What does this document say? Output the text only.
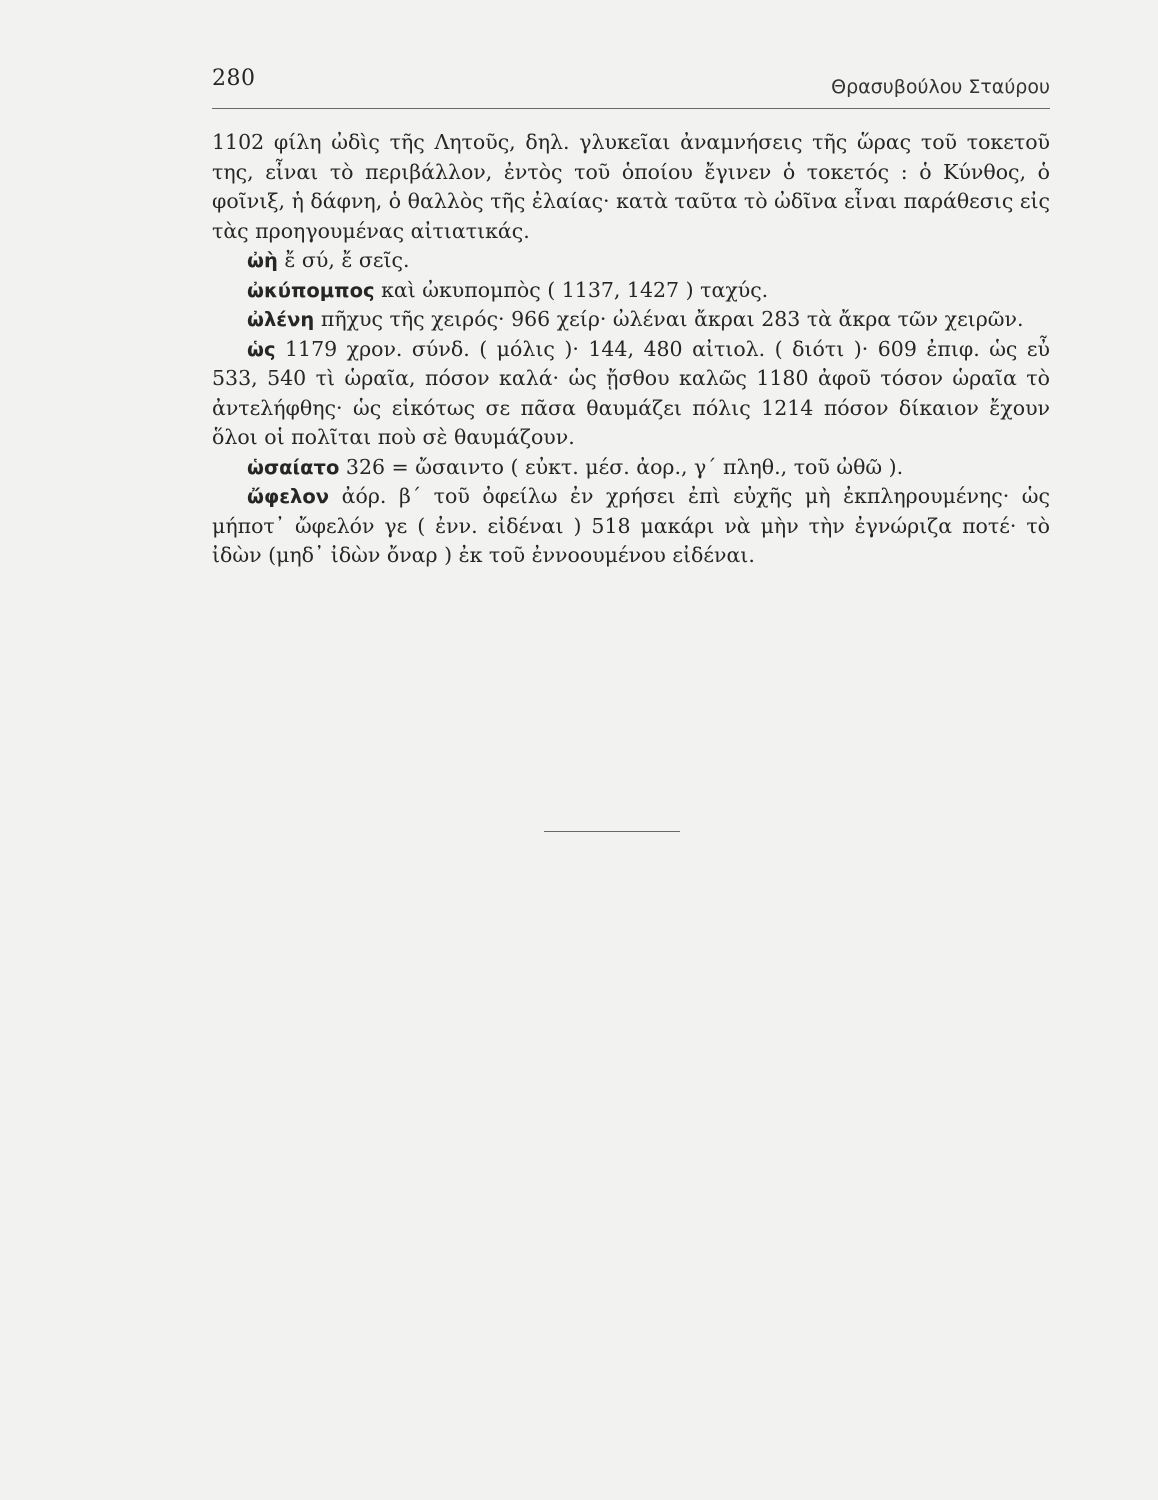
280	Θρασυβούλου Σταύρου

1102 φίλη ὠδὶς τῆς Λητοῦς, δηλ. γλυκεῖαι ἀναμνήσεις τῆς ὥρας τοῦ τοκετοῦ της, εἶναι τὸ περιβάλλον, ἐντὸς τοῦ ὁποίου ἔγινεν ὁ τοκετός : ὁ Κύνθος, ὁ φοῖνιξ, ἡ δάφνη, ὁ θαλλὸς τῆς ἐλαίας· κατὰ ταῦτα τὸ ὠδῖνα εἶναι παράθεσις εἰς τὰς προηγουμένας αἰτιατικάς.

ὠὴ ἔ σύ, ἔ σεῖς.

ὠκύπομπος καὶ ὠκυπομπὸς ( 1137, 1427 ) ταχύς.

ὠλένη πῆχυς τῆς χειρός· 966 χείρ· ὠλέναι ἄκραι 283 τὰ ἄκρα τῶν χειρῶν.

ὡς 1179 χρον. σύνδ. ( μόλις )· 144, 480 αἰτιολ. ( διότι )· 609 ἐπιφ. ὡς εὖ 533, 540 τὶ ὡραῖα, πόσον καλά· ὡς ᾔσθου καλῶς 1180 ἀφοῦ τόσον ὡραῖα τὸ ἀντελήφθης· ὡς εἰκότως σε πᾶσα θαυμάζει πόλις 1214 πόσον δίκαιον ἔχουν ὅλοι οἱ πολῖται ποὺ σὲ θαυμάζουν.

ὡσαίατο 326 = ὤσαιντο ( εὐκτ. μέσ. ἀορ., γ΄ πληθ., τοῦ ὠθῶ ).

ὤφελον ἀόρ. β΄ τοῦ ὀφείλω ἐν χρήσει ἐπὶ εὐχῆς μὴ ἐκπληρουμένης· ὡς μήποτ᾽ ὤφελόν γε ( ἐνν. εἰδέναι ) 518 μακάρι νὰ μὴν τὴν ἐγνώριζα ποτέ· τὸ ἰδὼν (μηδ᾽ ἰδὼν ὄναρ ) ἐκ τοῦ ἐννοουμένου εἰδέναι.
